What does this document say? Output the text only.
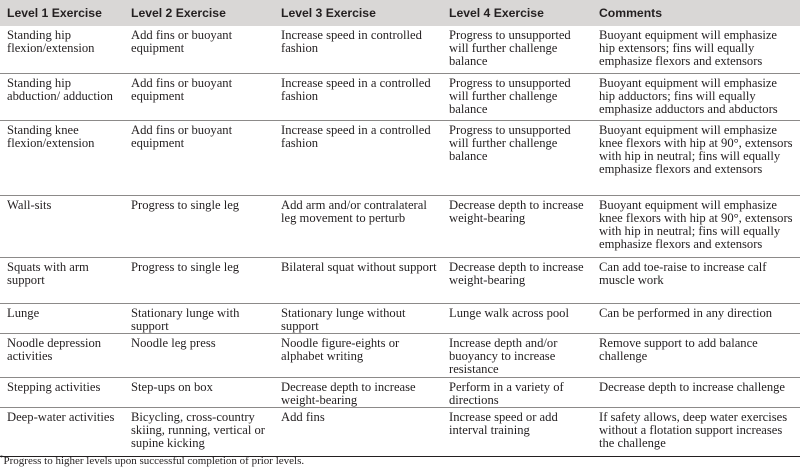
Level 1 Exercise	Level 2 Exercise	Level 3 Exercise	Level 4 Exercise	Comments
Standing hip flexion/extension	Add fins or buoyant equipment	Increase speed in controlled fashion	Progress to unsupported will further challenge balance	Buoyant equipment will emphasize hip extensors; fins will equally emphasize flexors and extensors
Standing hip abduction/ adduction	Add fins or buoyant equipment	Increase speed in a controlled fashion	Progress to unsupported will further challenge balance	Buoyant equipment will emphasize hip adductors; fins will equally emphasize adductors and abductors
Standing knee flexion/extension	Add fins or buoyant equipment	Increase speed in a controlled fashion	Progress to unsupported will further challenge balance	Buoyant equipment will emphasize knee flexors with hip at 90°, extensors with hip in neutral; fins will equally emphasize flexors and extensors
Wall-sits	Progress to single leg	Add arm and/or contralateral leg movement to perturb	Decrease depth to increase weight-bearing	Buoyant equipment will emphasize knee flexors with hip at 90°, extensors with hip in neutral; fins will equally emphasize flexors and extensors
Squats with arm support	Progress to single leg	Bilateral squat without support	Decrease depth to increase weight-bearing	Can add toe-raise to increase calf muscle work
Lunge	Stationary lunge with support	Stationary lunge without support	Lunge walk across pool	Can be performed in any direction
Noodle depression activities	Noodle leg press	Noodle figure-eights or alphabet writing	Increase depth and/or buoyancy to increase resistance	Remove support to add balance challenge
Stepping activities	Step-ups on box	Decrease depth to increase weight-bearing	Perform in a variety of directions	Decrease depth to increase challenge
Deep-water activities	Bicycling, cross-country skiing, running, vertical or supine kicking	Add fins	Increase speed or add interval training	If safety allows, deep water exercises without a flotation support increases the challenge
*Progress to higher levels upon successful completion of prior levels.
